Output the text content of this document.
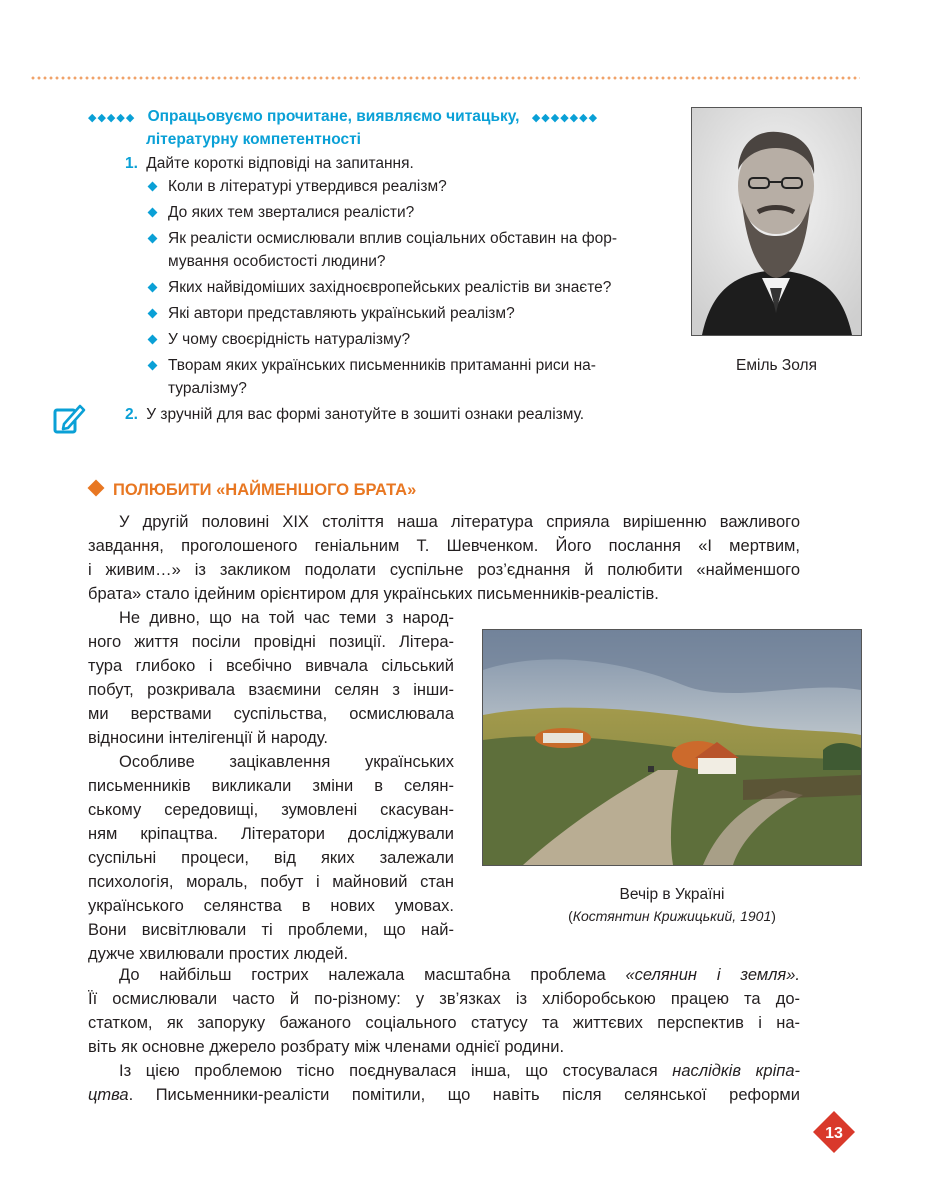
◆◆◆◆◆ Опрацьовуємо прочитане, виявляємо читацьку, ◆◆◆◆◆◆◆
літературну компетентності
1. Дайте короткі відповіді на запитання.
Коли в літературі утвердився реалізм?
До яких тем зверталися реалісти?
Як реалісти осмислювали вплив соціальних обставин на фор-
мування особистості людини?
Яких найвідоміших західноєвропейських реалістів ви знаєте?
Які автори представляють український реалізм?
У чому своєрідність натуралізму?
Творам яких українських письменників притаманні риси на-
туралізму?
2. У зручній для вас формі занотуйте в зошиті ознаки реалізму.
Еміль Золя
ПОЛЮБИТИ «НАЙМЕНШОГО БРАТА»
У другій половині XIX століття наша література сприяла вирішенню важливого
завдання, проголошеного геніальним Т. Шевченком. Його послання «І мертвим,
і живим…» із закликом подолати суспільне роз’єднання й полюбити «найменшого
брата» стало ідейним орієнтиром для українських письменників-реалістів.
Не дивно, що на той час теми з народ-
ного життя посіли провідні позиції. Літера-
тура глибоко і всебічно вивчала сільський
побут, розкривала взаємини селян з інши-
ми верствами суспільства, осмислювала
відносини інтелігенції й народу.
Особливе зацікавлення українських
письменників викликали зміни в селян-
ському середовищі, зумовлені скасуван-
ням кріпацтва. Літератори досліджували
суспільні процеси, від яких залежали
психологія, мораль, побут і майновий стан
українського селянства в нових умовах.
Вони висвітлювали ті проблеми, що най-
дужче хвилювали простих людей.
Вечір в Україні
(Костянтин Крижицький, 1901)
До найбільш гострих належала масштабна проблема «селянин і земля».
Її осмислювали часто й по-різному: у зв’язках із хліборобською працею та до-
статком, як запоруку бажаного соціального статусу та життєвих перспектив і на-
віть як основне джерело розбрату між членами однієї родини.
Із цією проблемою тісно поєднувалася інша, що стосувалася наслідків кріпа-
цтва. Письменники-реалісти помітили, що навіть після селянської реформи
13
